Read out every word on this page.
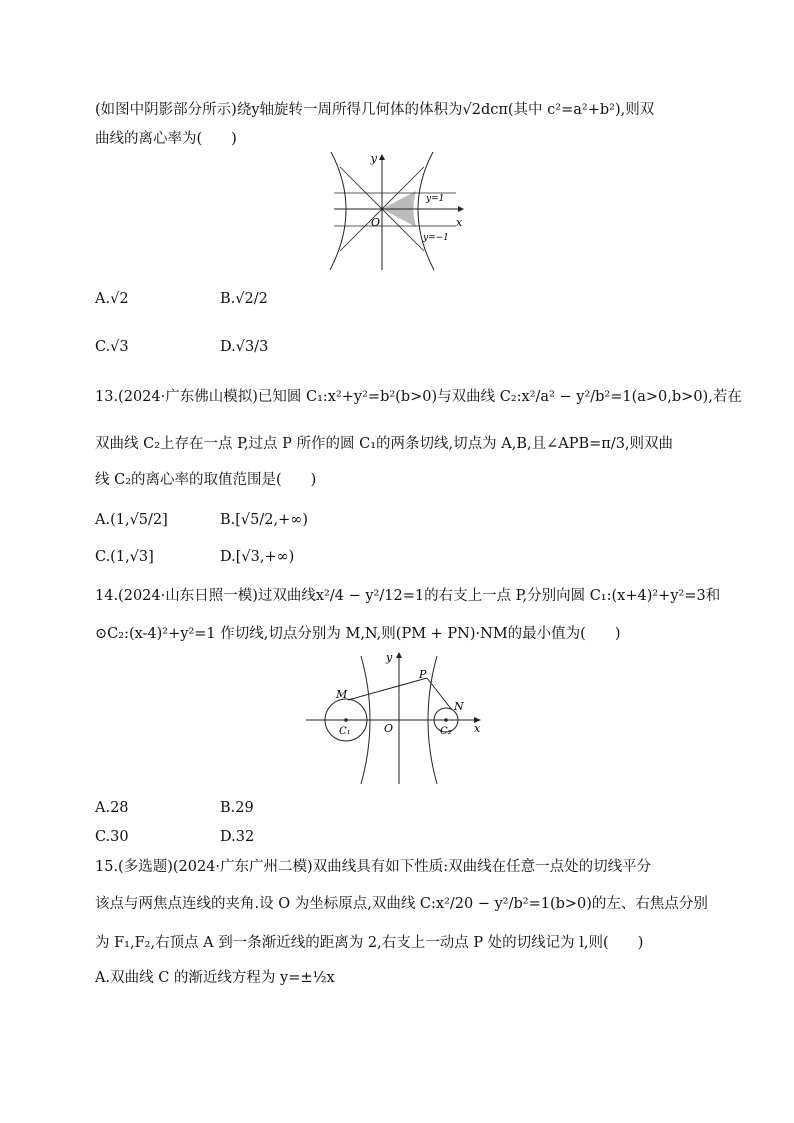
(如图中阴影部分所示)绕y轴旋转一周所得几何体的体积为√2dcπ(其中 c²=a²+b²),则双
曲线的离心率为(　　)
y
x
O
y=1
y=−1
A.√2	B.√2/2
C.√3	D.√3/3
13.(2024·广东佛山模拟)已知圆 C₁:x²+y²=b²(b>0)与双曲线 C₂:x²/a² − y²/b²=1(a>0,b>0),若在
双曲线 C₂上存在一点 P,过点 P 所作的圆 C₁的两条切线,切点为 A,B,且∠APB=π/3,则双曲
线 C₂的离心率的取值范围是(　　)
A.(1,√5/2]	B.[√5/2,+∞)
C.(1,√3]	D.[√3,+∞)
14.(2024·山东日照一模)过双曲线x²/4 − y²/12=1的右支上一点 P,分别向圆 C₁:(x+4)²+y²=3和
⊙C₂:(x-4)²+y²=1 作切线,切点分别为 M,N,则(PM + PN)·NM的最小值为(　　)
y
x
O
M
P
N
C₁	C₂
A.28	B.29
C.30	D.32
15.(多选题)(2024·广东广州二模)双曲线具有如下性质:双曲线在任意一点处的切线平分
该点与两焦点连线的夹角.设 O 为坐标原点,双曲线 C:x²/20 − y²/b²=1(b>0)的左、右焦点分别
为 F₁,F₂,右顶点 A 到一条渐近线的距离为 2,右支上一动点 P 处的切线记为 l,则(　　)
A.双曲线 C 的渐近线方程为 y=±½x
